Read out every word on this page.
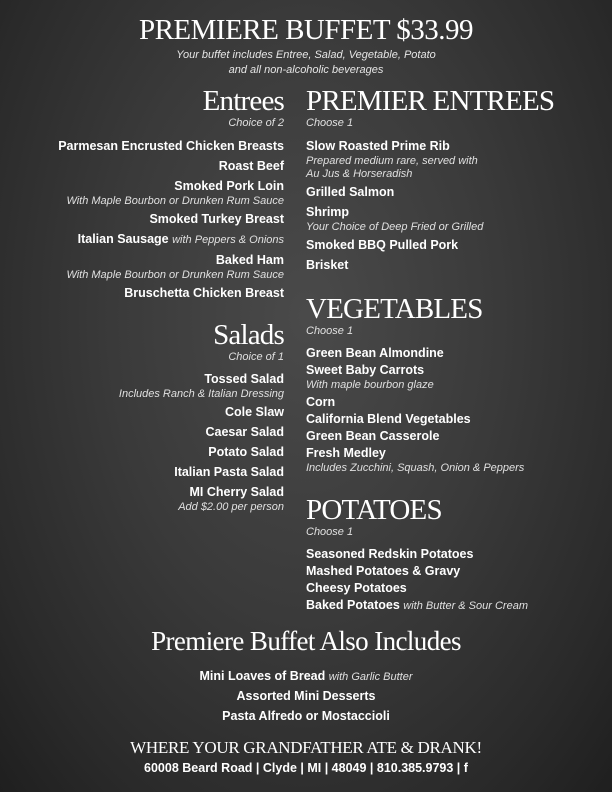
PREMIERE BUFFET $33.99
Your buffet includes Entree, Salad, Vegetable, Potato
and all non-alcoholic beverages
Entrees
Choice of 2
Parmesan Encrusted Chicken Breasts
Roast Beef
Smoked Pork Loin
With Maple Bourbon or Drunken Rum Sauce
Smoked Turkey Breast
Italian Sausage with Peppers & Onions
Baked Ham
With Maple Bourbon or Drunken Rum Sauce
Bruschetta Chicken Breast
Salads
Choice of 1
Tossed Salad
Includes Ranch & Italian Dressing
Cole Slaw
Caesar Salad
Potato Salad
Italian Pasta Salad
MI Cherry Salad
Add $2.00 per person
PREMIER ENTREES
Choose 1
Slow Roasted Prime Rib
Prepared medium rare, served with
Au Jus & Horseradish
Grilled Salmon
Shrimp
Your Choice of Deep Fried or Grilled
Smoked BBQ Pulled Pork
Brisket
VEGETABLES
Choose 1
Green Bean Almondine
Sweet Baby Carrots
With maple bourbon glaze
Corn
California Blend Vegetables
Green Bean Casserole
Fresh Medley
Includes Zucchini, Squash, Onion & Peppers
POTATOES
Choose 1
Seasoned Redskin Potatoes
Mashed Potatoes & Gravy
Cheesy Potatoes
Baked Potatoes with Butter & Sour Cream
Premiere Buffet Also Includes
Mini Loaves of Bread with Garlic Butter
Assorted Mini Desserts
Pasta Alfredo or Mostaccioli
WHERE YOUR GRANDFATHER ATE & DRANK!
60008 Beard Road | Clyde | MI | 48049 | 810.385.9793 | f
